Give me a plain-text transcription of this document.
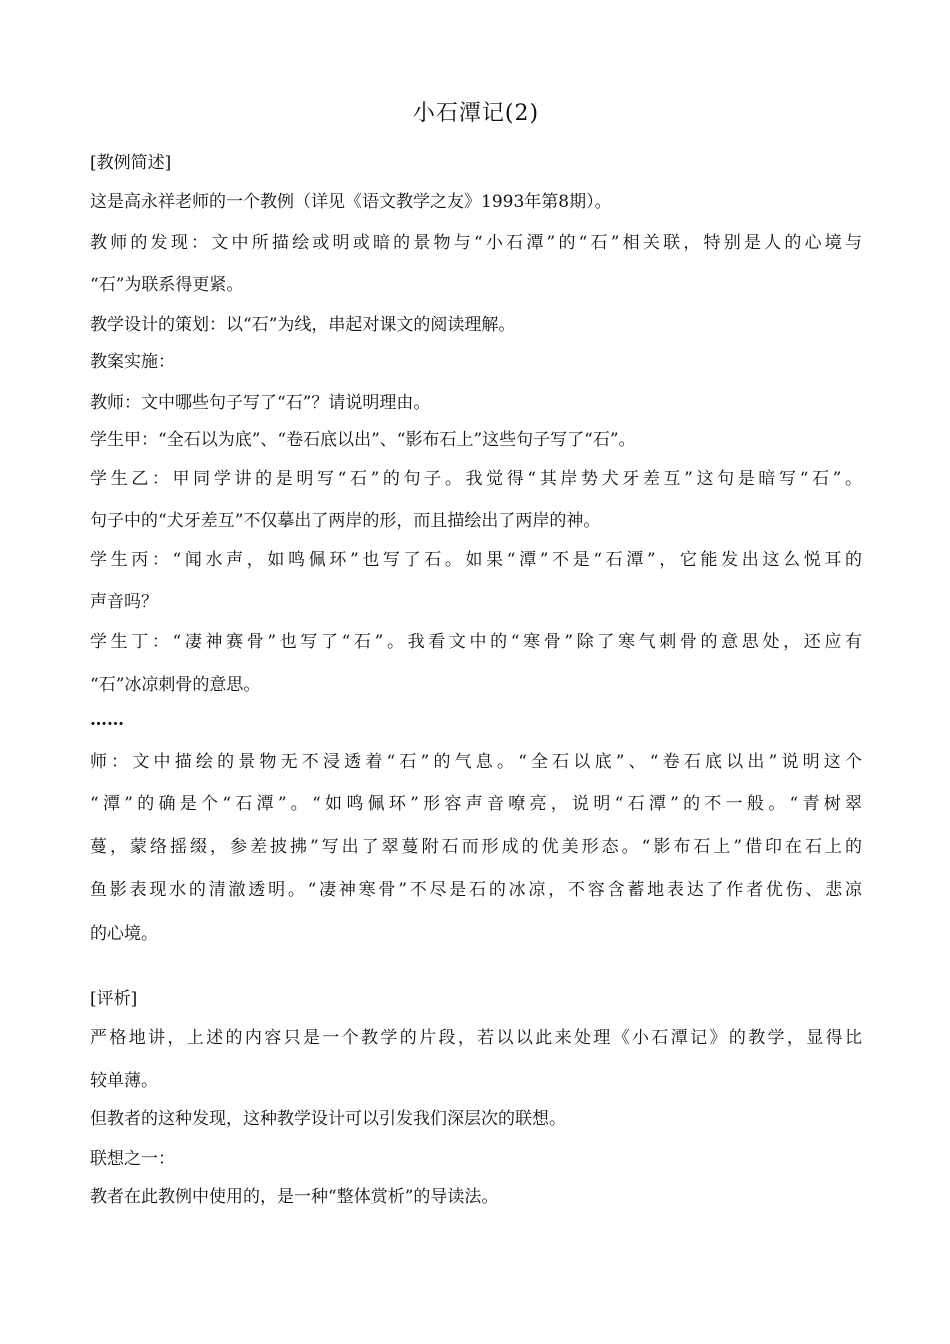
小石潭记(2)
[教例简述]
这是高永祥老师的一个教例（详见《语文教学之友》1993年第8期）。
教师的发现：文中所描绘或明或暗的景物与“小石潭”的“石”相关联，特别是人的心境与
“石”为联系得更紧。
教学设计的策划：以“石”为线，串起对课文的阅读理解。
教案实施：
教师：文中哪些句子写了“石”？请说明理由。
学生甲：“全石以为底”、“卷石底以出”、“影布石上”这些句子写了“石”。
学生乙：甲同学讲的是明写“石”的句子。我觉得“其岸势犬牙差互”这句是暗写“石”。
句子中的“犬牙差互”不仅摹出了两岸的形，而且描绘出了两岸的神。
学生丙：“闻水声，如鸣佩环”也写了石。如果“潭”不是“石潭”，它能发出这么悦耳的
声音吗？
学生丁：“凄神赛骨”也写了“石”。我看文中的“寒骨”除了寒气刺骨的意思处，还应有
“石”冰凉刺骨的意思。
……
师：文中描绘的景物无不浸透着“石”的气息。“全石以底”、“卷石底以出”说明这个
“潭”的确是个“石潭”。“如鸣佩环”形容声音嘹亮，说明“石潭”的不一般。“青树翠
蔓，蒙络摇缀，参差披拂”写出了翠蔓附石而形成的优美形态。“影布石上”借印在石上的
鱼影表现水的清澈透明。“凄神寒骨”不尽是石的冰凉，不容含蓄地表达了作者优伤、悲凉
的心境。
[评析]
严格地讲，上述的内容只是一个教学的片段，若以以此来处理《小石潭记》的教学，显得比
较单薄。
但教者的这种发现，这种教学设计可以引发我们深层次的联想。
联想之一：
教者在此教例中使用的，是一种“整体赏析”的导读法。
